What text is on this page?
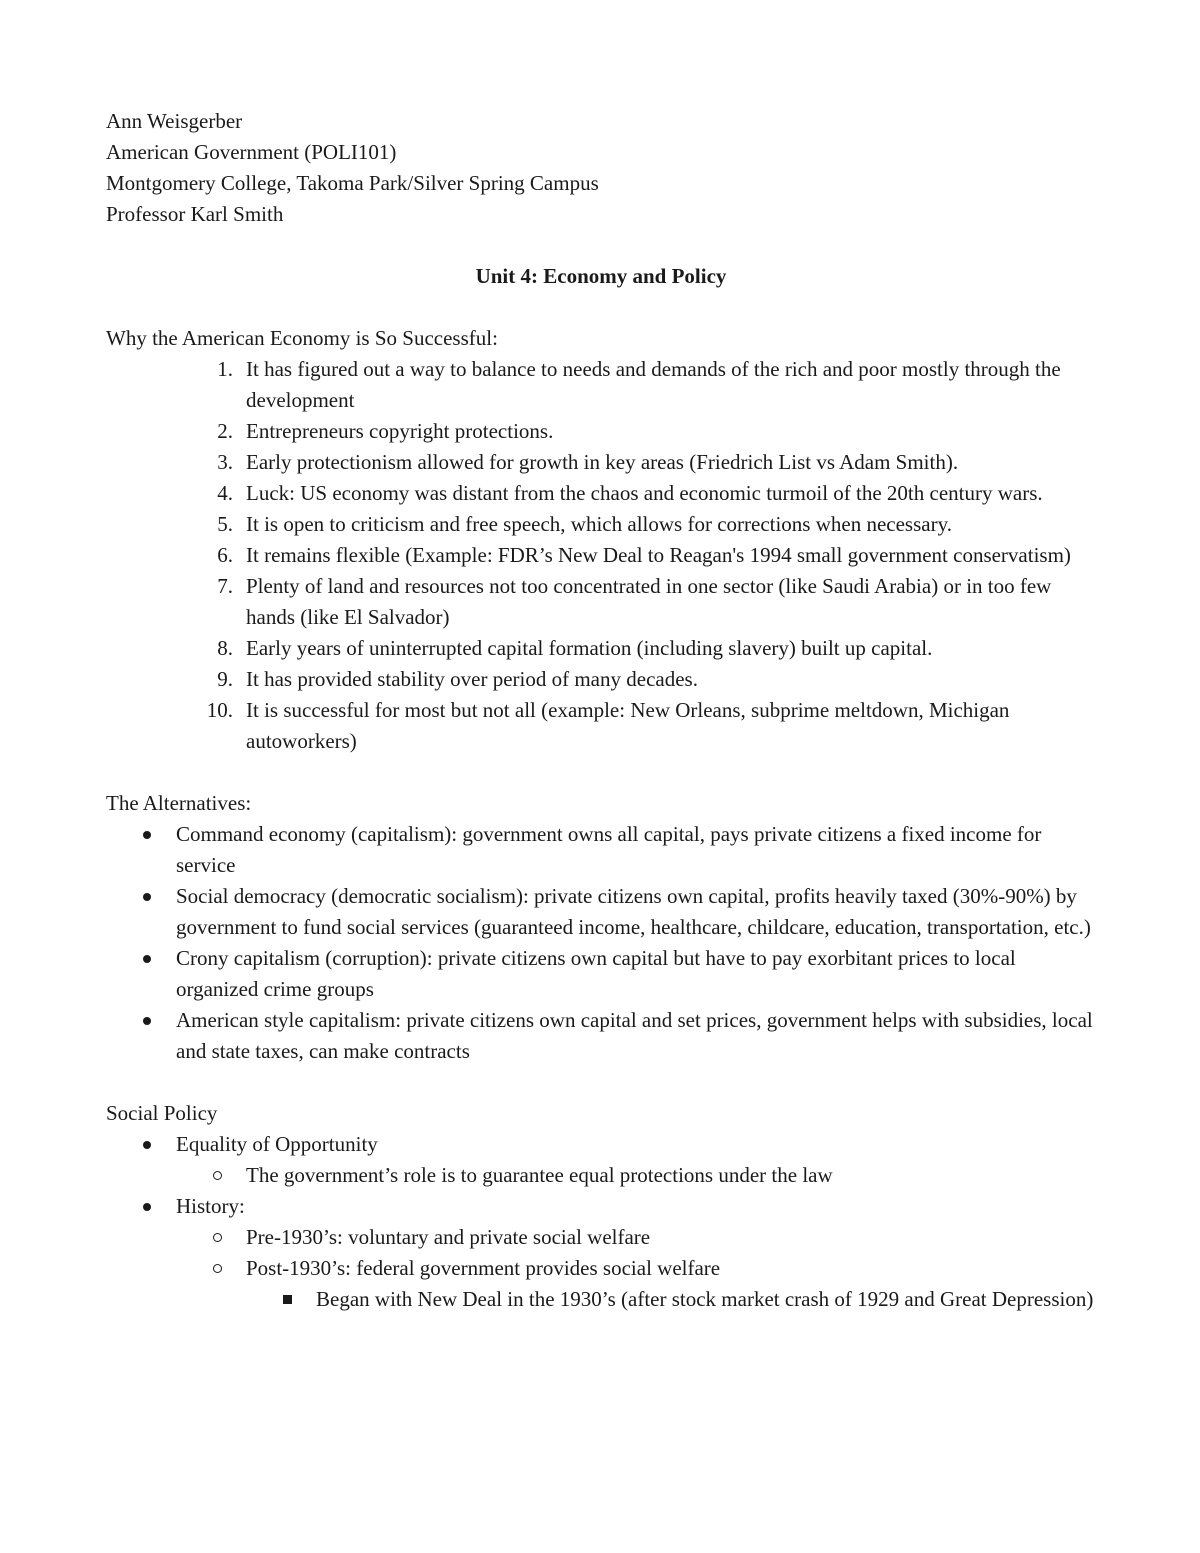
Ann Weisgerber

American Government (POLI101)

Montgomery College, Takoma Park/Silver Spring Campus

Professor Karl Smith

Unit 4: Economy and Policy

Why the American Economy is So Successful:

1. It has figured out a way to balance to needs and demands of the rich and poor mostly through the development
2. Entrepreneurs copyright protections.
3. Early protectionism allowed for growth in key areas (Friedrich List vs Adam Smith).
4. Luck: US economy was distant from the chaos and economic turmoil of the 20th century wars.
5. It is open to criticism and free speech, which allows for corrections when necessary.
6. It remains flexible (Example: FDR’s New Deal to Reagan's 1994 small government conservatism)
7. Plenty of land and resources not too concentrated in one sector (like Saudi Arabia) or in too few hands (like El Salvador)
8. Early years of uninterrupted capital formation (including slavery) built up capital.
9. It has provided stability over period of many decades.
10. It is successful for most but not all (example: New Orleans, subprime meltdown, Michigan autoworkers)

The Alternatives:

Command economy (capitalism): government owns all capital, pays private citizens a fixed income for service
Social democracy (democratic socialism): private citizens own capital, profits heavily taxed (30%-90%) by government to fund social services (guaranteed income, healthcare, childcare, education, transportation, etc.)
Crony capitalism (corruption): private citizens own capital but have to pay exorbitant prices to local organized crime groups
American style capitalism: private citizens own capital and set prices, government helps with subsidies, local and state taxes, can make contracts

Social Policy

Equality of Opportunity
The government’s role is to guarantee equal protections under the law
History:
Pre-1930’s: voluntary and private social welfare
Post-1930’s: federal government provides social welfare
Began with New Deal in the 1930’s (after stock market crash of 1929 and Great Depression)
